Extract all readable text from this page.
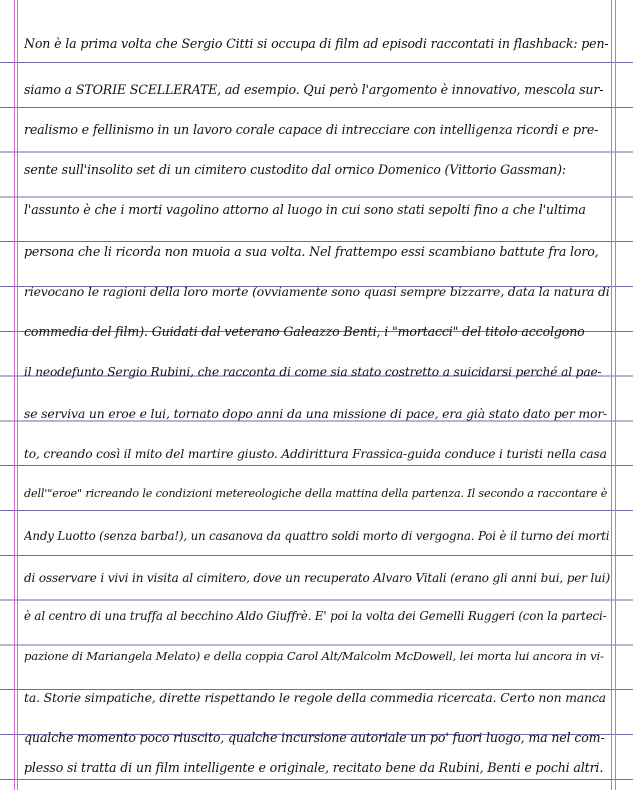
Non è la prima volta che Sergio Citti si occupa di film ad episodi raccontati in flashback: pen-
siamo a STORIE SCELLERATE, ad esempio. Qui però l'argomento è innovativo, mescola sur-
realismo e fellinismo in un lavoro corale capace di intrecciare con intelligenza ricordi e pre-
sente sull'insolito set di un cimitero custodito dal ornico Domenico (Vittorio Gassman):
l'assunto è che i morti vagolino attorno al luogo in cui sono stati sepolti fino a che l'ultima
persona che li ricorda non muoia a sua volta. Nel frattempo essi scambiano battute fra loro,
rievocano le ragioni della loro morte (ovviamente sono quasi sempre bizzarre, data la natura di
commedia del film). Guidati dal veterano Galeazzo Benti, i "mortacci" del titolo accolgono
il neodefunto Sergio Rubini, che racconta di come sia stato costretto a suicidarsi perché al pae-
se serviva un eroe e lui, tornato dopo anni da una missione di pace, era già stato dato per mor-
to, creando così il mito del martire giusto. Addirittura Frassica-guida conduce i turisti nella casa
dell'"eroe" ricreando le condizioni metereologiche della mattina della partenza. Il secondo a raccontare è
Andy Luotto (senza barba!), un casanova da quattro soldi morto di vergogna. Poi è il turno dei morti
di osservare i vivi in visita al cimitero, dove un recuperato Alvaro Vitali (erano gli anni bui, per lui)
è al centro di una truffa al becchino Aldo Giuffrè. E' poi la volta dei Gemelli Ruggeri (con la parteci-
pazione di Mariangela Melato) e della coppia Carol Alt/Malcolm McDowell, lei morta lui ancora in vi-
ta. Storie simpatiche, dirette rispettando le regole della commedia ricercata. Certo non manca
qualche momento poco riuscito, qualche incursione autoriale un po' fuori luogo, ma nel com-
plesso si tratta di un film intelligente e originale, recitato bene da Rubini, Benti e pochi altri.
